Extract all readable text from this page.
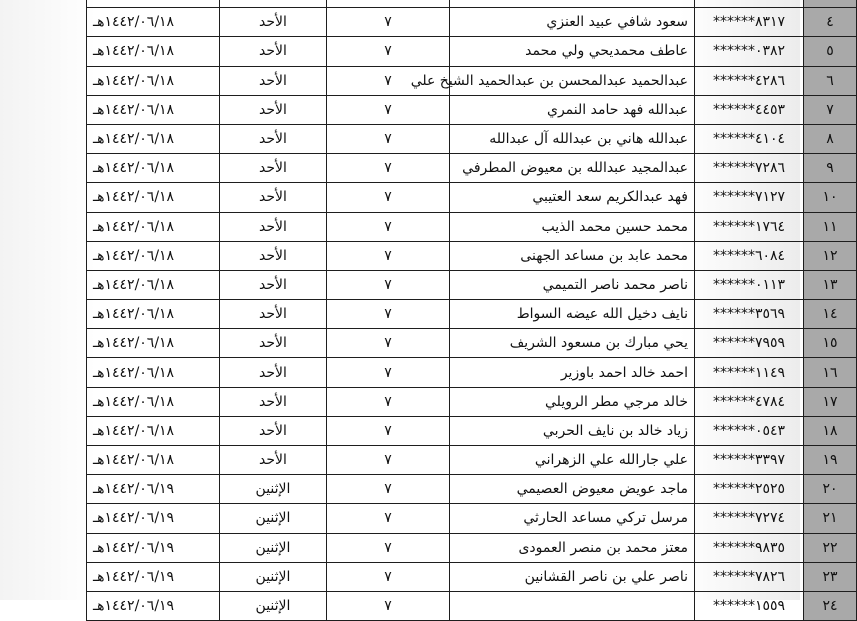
٤	******٨٣١٧	سعود شافي عبيد العنزي	٧	الأحد	١٤٤٢/٠٦/١٨هـ
٥	******٠٣٨٢	عاطف محمديحي ولي محمد	٧	الأحد	١٤٤٢/٠٦/١٨هـ
٦	******٤٢٨٦	عبدالحميد عبدالمحسن بن عبدالحميد الشيخ علي	٧	الأحد	١٤٤٢/٠٦/١٨هـ
٧	******٤٤٥٣	عبدالله فهد حامد النمري	٧	الأحد	١٤٤٢/٠٦/١٨هـ
٨	******٤١٠٤	عبدالله هاني بن عبدالله آل عبدالله	٧	الأحد	١٤٤٢/٠٦/١٨هـ
٩	******٧٢٨٦	عبدالمجيد عبدالله بن معيوض المطرفي	٧	الأحد	١٤٤٢/٠٦/١٨هـ
١٠	******٧١٢٧	فهد عبدالكريم سعد العتيبي	٧	الأحد	١٤٤٢/٠٦/١٨هـ
١١	******١٧٦٤	محمد حسين محمد الذيب	٧	الأحد	١٤٤٢/٠٦/١٨هـ
١٢	******٦٠٨٤	محمد عابد بن مساعد الجهنى	٧	الأحد	١٤٤٢/٠٦/١٨هـ
١٣	******٠١١٣	ناصر محمد ناصر التميمي	٧	الأحد	١٤٤٢/٠٦/١٨هـ
١٤	******٣٥٦٩	نايف دخيل الله عيضه السواط	٧	الأحد	١٤٤٢/٠٦/١٨هـ
١٥	******٧٩٥٩	يحي مبارك بن مسعود الشريف	٧	الأحد	١٤٤٢/٠٦/١٨هـ
١٦	******١١٤٩	احمد خالد احمد باوزير	٧	الأحد	١٤٤٢/٠٦/١٨هـ
١٧	******٤٧٨٤	خالد مرجي مطر الرويلي	٧	الأحد	١٤٤٢/٠٦/١٨هـ
١٨	******٠٥٤٣	زياد خالد بن نايف الحربي	٧	الأحد	١٤٤٢/٠٦/١٨هـ
١٩	******٣٣٩٧	علي جارالله علي الزهراني	٧	الأحد	١٤٤٢/٠٦/١٨هـ
٢٠	******٢٥٢٥	ماجد عويض معيوض العصيمي	٧	الإثنين	١٤٤٢/٠٦/١٩هـ
٢١	******٧٢٧٤	مرسل تركي مساعد الحارثي	٧	الإثنين	١٤٤٢/٠٦/١٩هـ
٢٢	******٩٨٣٥	معتز محمد بن منصر العمودى	٧	الإثنين	١٤٤٢/٠٦/١٩هـ
٢٣	******٧٨٢٦	ناصر علي بن ناصر القشانين	٧	الإثنين	١٤٤٢/٠٦/١٩هـ
٢٤	******١٥٥٩		٧	الإثنين	١٤٤٢/٠٦/١٩هـ
